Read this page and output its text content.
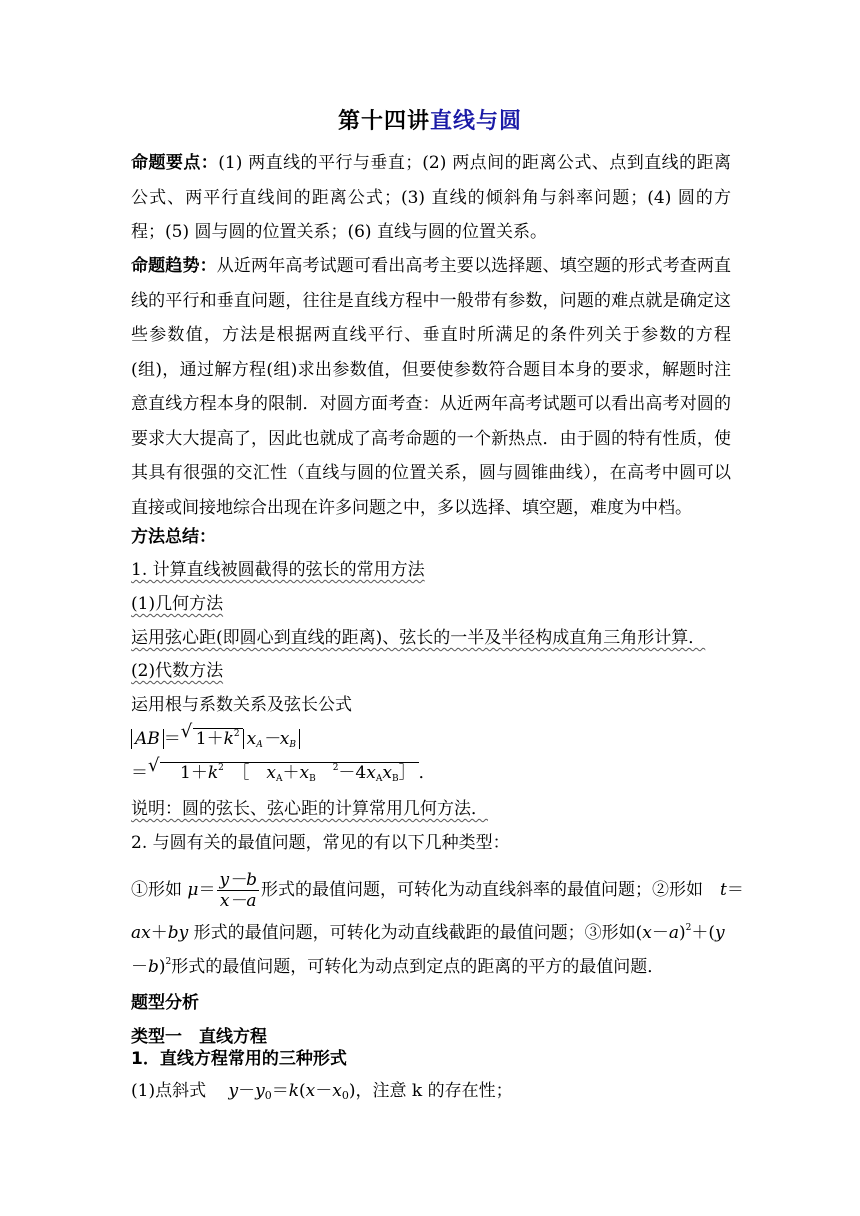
第十四讲直线与圆
命题要点：(1) 两直线的平行与垂直；(2) 两点间的距离公式、点到直线的距离公式、两平行直线间的距离公式；(3) 直线的倾斜角与斜率问题；(4) 圆的方程；(5) 圆与圆的位置关系；(6) 直线与圆的位置关系。
命题趋势：从近两年高考试题可看出高考主要以选择题、填空题的形式考查两直线的平行和垂直问题，往往是直线方程中一般带有参数，问题的难点就是确定这些参数值，方法是根据两直线平行、垂直时所满足的条件列关于参数的方程(组)，通过解方程(组)求出参数值，但要使参数符合题目本身的要求，解题时注意直线方程本身的限制．对圆方面考查：从近两年高考试题可以看出高考对圆的要求大大提高了，因此也就成了高考命题的一个新热点．由于圆的特有性质，使其具有很强的交汇性（直线与圆的位置关系，圆与圆锥曲线），在高考中圆可以直接或间接地综合出现在许多问题之中，多以选择、填空题，难度为中档。
方法总结：
1. 计算直线被圆截得的弦长的常用方法
(1)几何方法
运用弦心距(即圆心到直线的距离)、弦长的一半及半径构成直角三角形计算．
(2)代数方法
运用根与系数关系及弦长公式
AB ＝√ $1+k^2$ $x_A-x_B$
＝√ 　$1+k^2$　［　$x_A+x_B$　$^2-4x_Ax_B]$ ．
说明：圆的弦长、弦心距的计算常用几何方法．
2. 与圆有关的最值问题，常见的有以下几种类型：
①形如 $\mu= \frac{y-b}{x-a}$ 形式的最值问题，可转化为动直线斜率的最值问题；②形如　 t＝
ax＋by 形式的最值问题，可转化为动直线截距的最值问题；③形如$(x-a)^2+(y$
－b)$^2$形式的最值问题，可转化为动点到定点的距离的平方的最值问题．
题型分析
类型一　直线方程
1．直线方程常用的三种形式
(1)点斜式　 $y-y_0=k(x-x_0)$，注意 k 的存在性；
